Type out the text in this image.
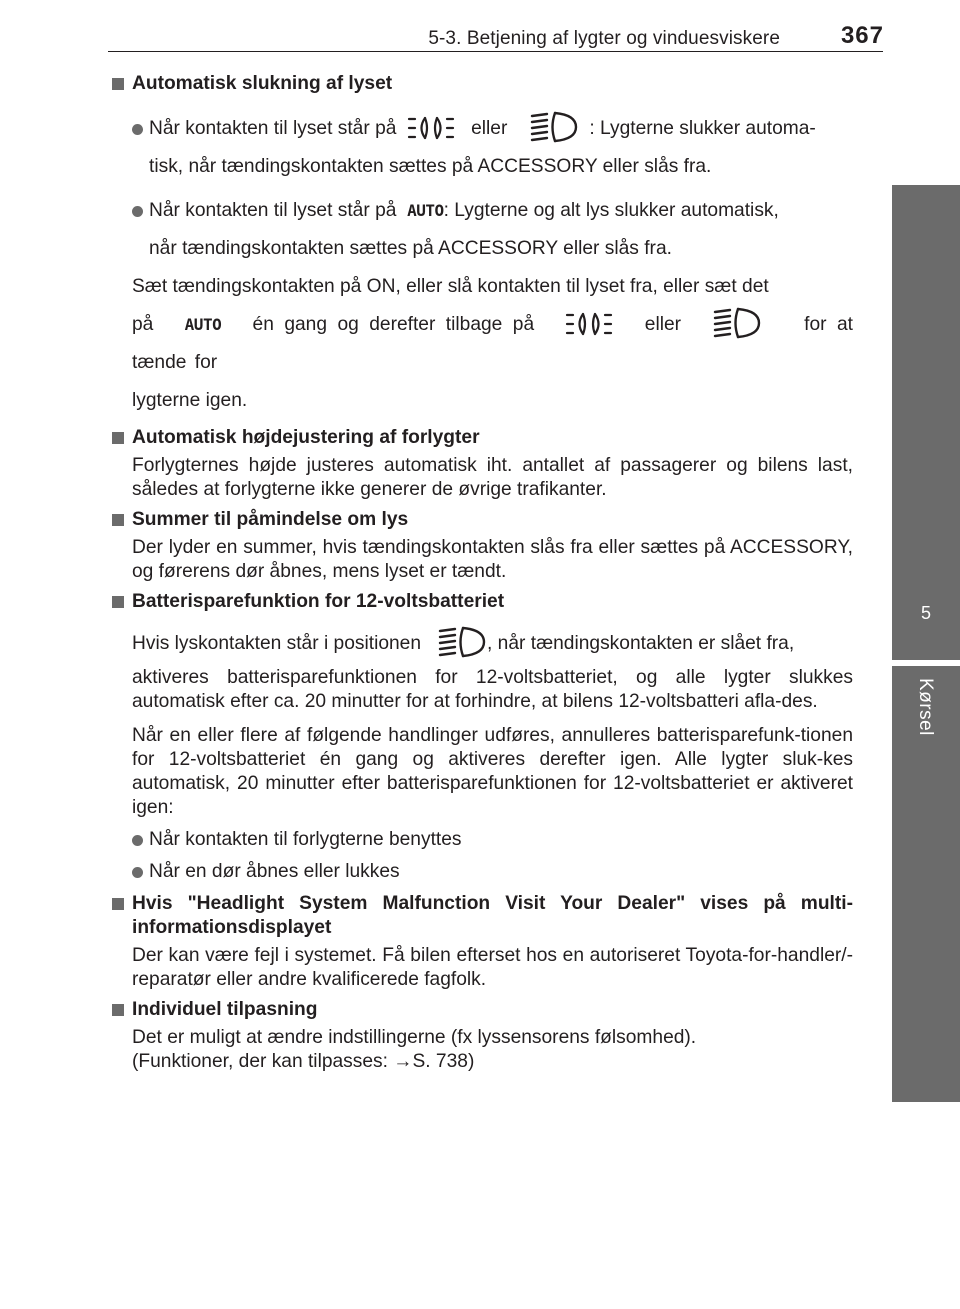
5-3. Betjening af lygter og vinduesviskere	367
5
Kørsel
Automatisk slukning af lyset
Når kontakten til lyset står på	eller	: Lygterne slukker automa-
tisk, når tændingskontakten sættes på ACCESSORY eller slås fra.
Når kontakten til lyset står på AUTO: Lygterne og alt lys slukker automatisk,
når tændingskontakten sættes på ACCESSORY eller slås fra.
Sæt tændingskontakten på ON, eller slå kontakten til lyset fra, eller sæt det
på AUTO én gang og derefter tilbage på	eller	for at tænde for
lygterne igen.
Automatisk højdejustering af forlygter
Forlygternes højde justeres automatisk iht. antallet af passagerer og bilens last, således at forlygterne ikke generer de øvrige trafikanter.
Summer til påmindelse om lys
Der lyder en summer, hvis tændingskontakten slås fra eller sættes på ACCESSORY, og førerens dør åbnes, mens lyset er tændt.
Batterisparefunktion for 12-voltsbatteriet
Hvis lyskontakten står i positionen	, når tændingskontakten er slået fra,
aktiveres batterisparefunktionen for 12-voltsbatteriet, og alle lygter slukkes automatisk efter ca. 20 minutter for at forhindre, at bilens 12-voltsbatteri afla-des.
Når en eller flere af følgende handlinger udføres, annulleres batterisparefunk-tionen for 12-voltsbatteriet én gang og aktiveres derefter igen. Alle lygter sluk-kes automatisk, 20 minutter efter batterisparefunktionen for 12-voltsbatteriet er aktiveret igen:
Når kontakten til forlygterne benyttes
Når en dør åbnes eller lukkes
Hvis "Headlight System Malfunction Visit Your Dealer" vises på multi-informationsdisplayet
Der kan være fejl i systemet. Få bilen efterset hos en autoriseret Toyota-for-handler/-reparatør eller andre kvalificerede fagfolk.
Individuel tilpasning
Det er muligt at ændre indstillingerne (fx lyssensorens følsomhed).
(Funktioner, der kan tilpasses: →S. 738)
